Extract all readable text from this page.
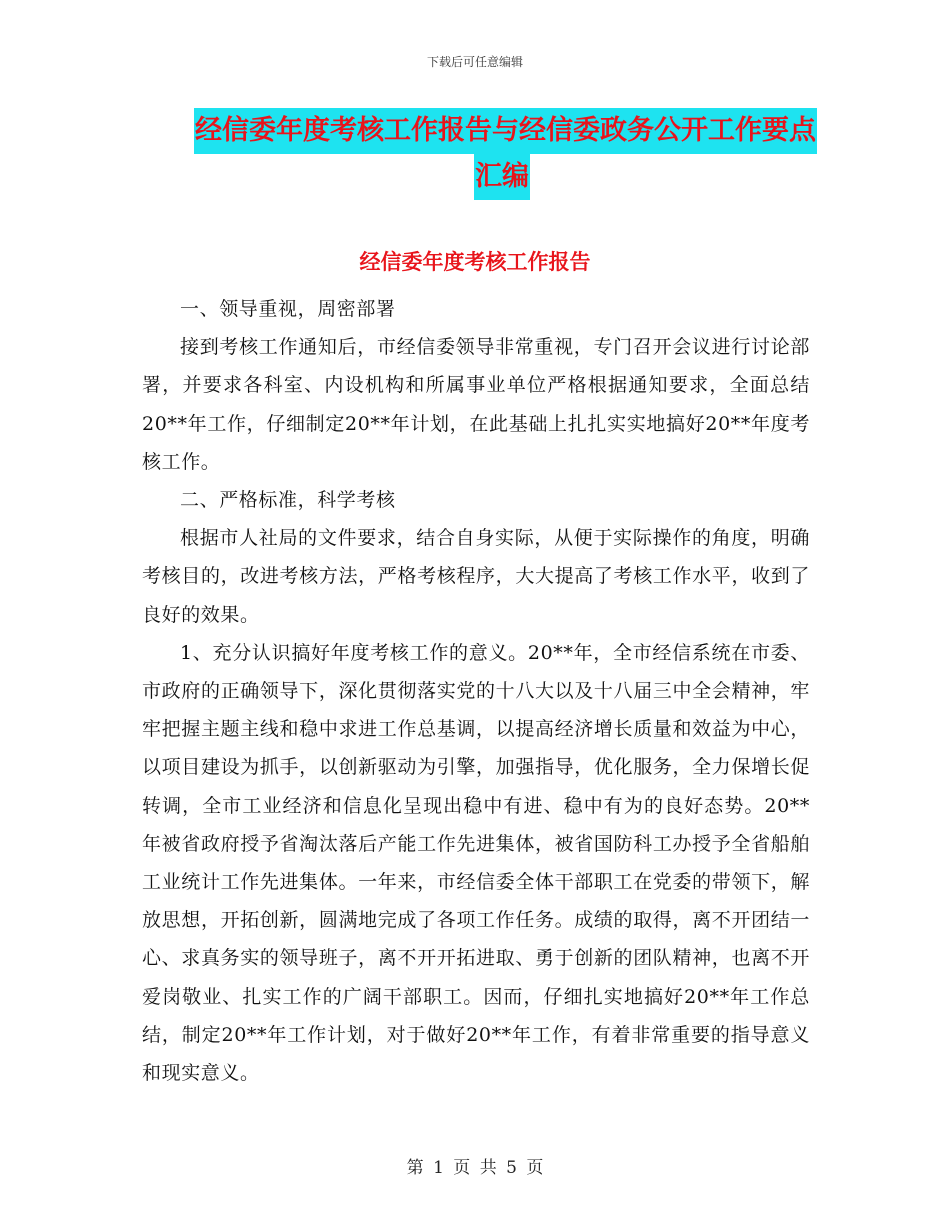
下载后可任意编辑
经信委年度考核工作报告与经信委政务公开工作要点
汇编
经信委年度考核工作报告

一、领导重视，周密部署

接到考核工作通知后，市经信委领导非常重视，专门召开会议进行讨论部署，并要求各科室、内设机构和所属事业单位严格根据通知要求，全面总结20**年工作，仔细制定20**年计划，在此基础上扎扎实实地搞好20**年度考核工作。

二、严格标准，科学考核

根据市人社局的文件要求，结合自身实际，从便于实际操作的角度，明确考核目的，改进考核方法，严格考核程序，大大提高了考核工作水平，收到了良好的效果。

1、充分认识搞好年度考核工作的意义。20**年，全市经信系统在市委、市政府的正确领导下，深化贯彻落实党的十八大以及十八届三中全会精神，牢牢把握主题主线和稳中求进工作总基调，以提高经济增长质量和效益为中心，以项目建设为抓手，以创新驱动为引擎，加强指导，优化服务，全力保增长促转调，全市工业经济和信息化呈现出稳中有进、稳中有为的良好态势。20**年被省政府授予省淘汰落后产能工作先进集体，被省国防科工办授予全省船舶工业统计工作先进集体。一年来，市经信委全体干部职工在党委的带领下，解放思想，开拓创新，圆满地完成了各项工作任务。成绩的取得，离不开团结一心、求真务实的领导班子，离不开开拓进取、勇于创新的团队精神，也离不开爱岗敬业、扎实工作的广阔干部职工。因而，仔细扎实地搞好20**年工作总结，制定20**年工作计划，对于做好20**年工作，有着非常重要的指导意义和现实意义。

第 1 页 共 5 页
